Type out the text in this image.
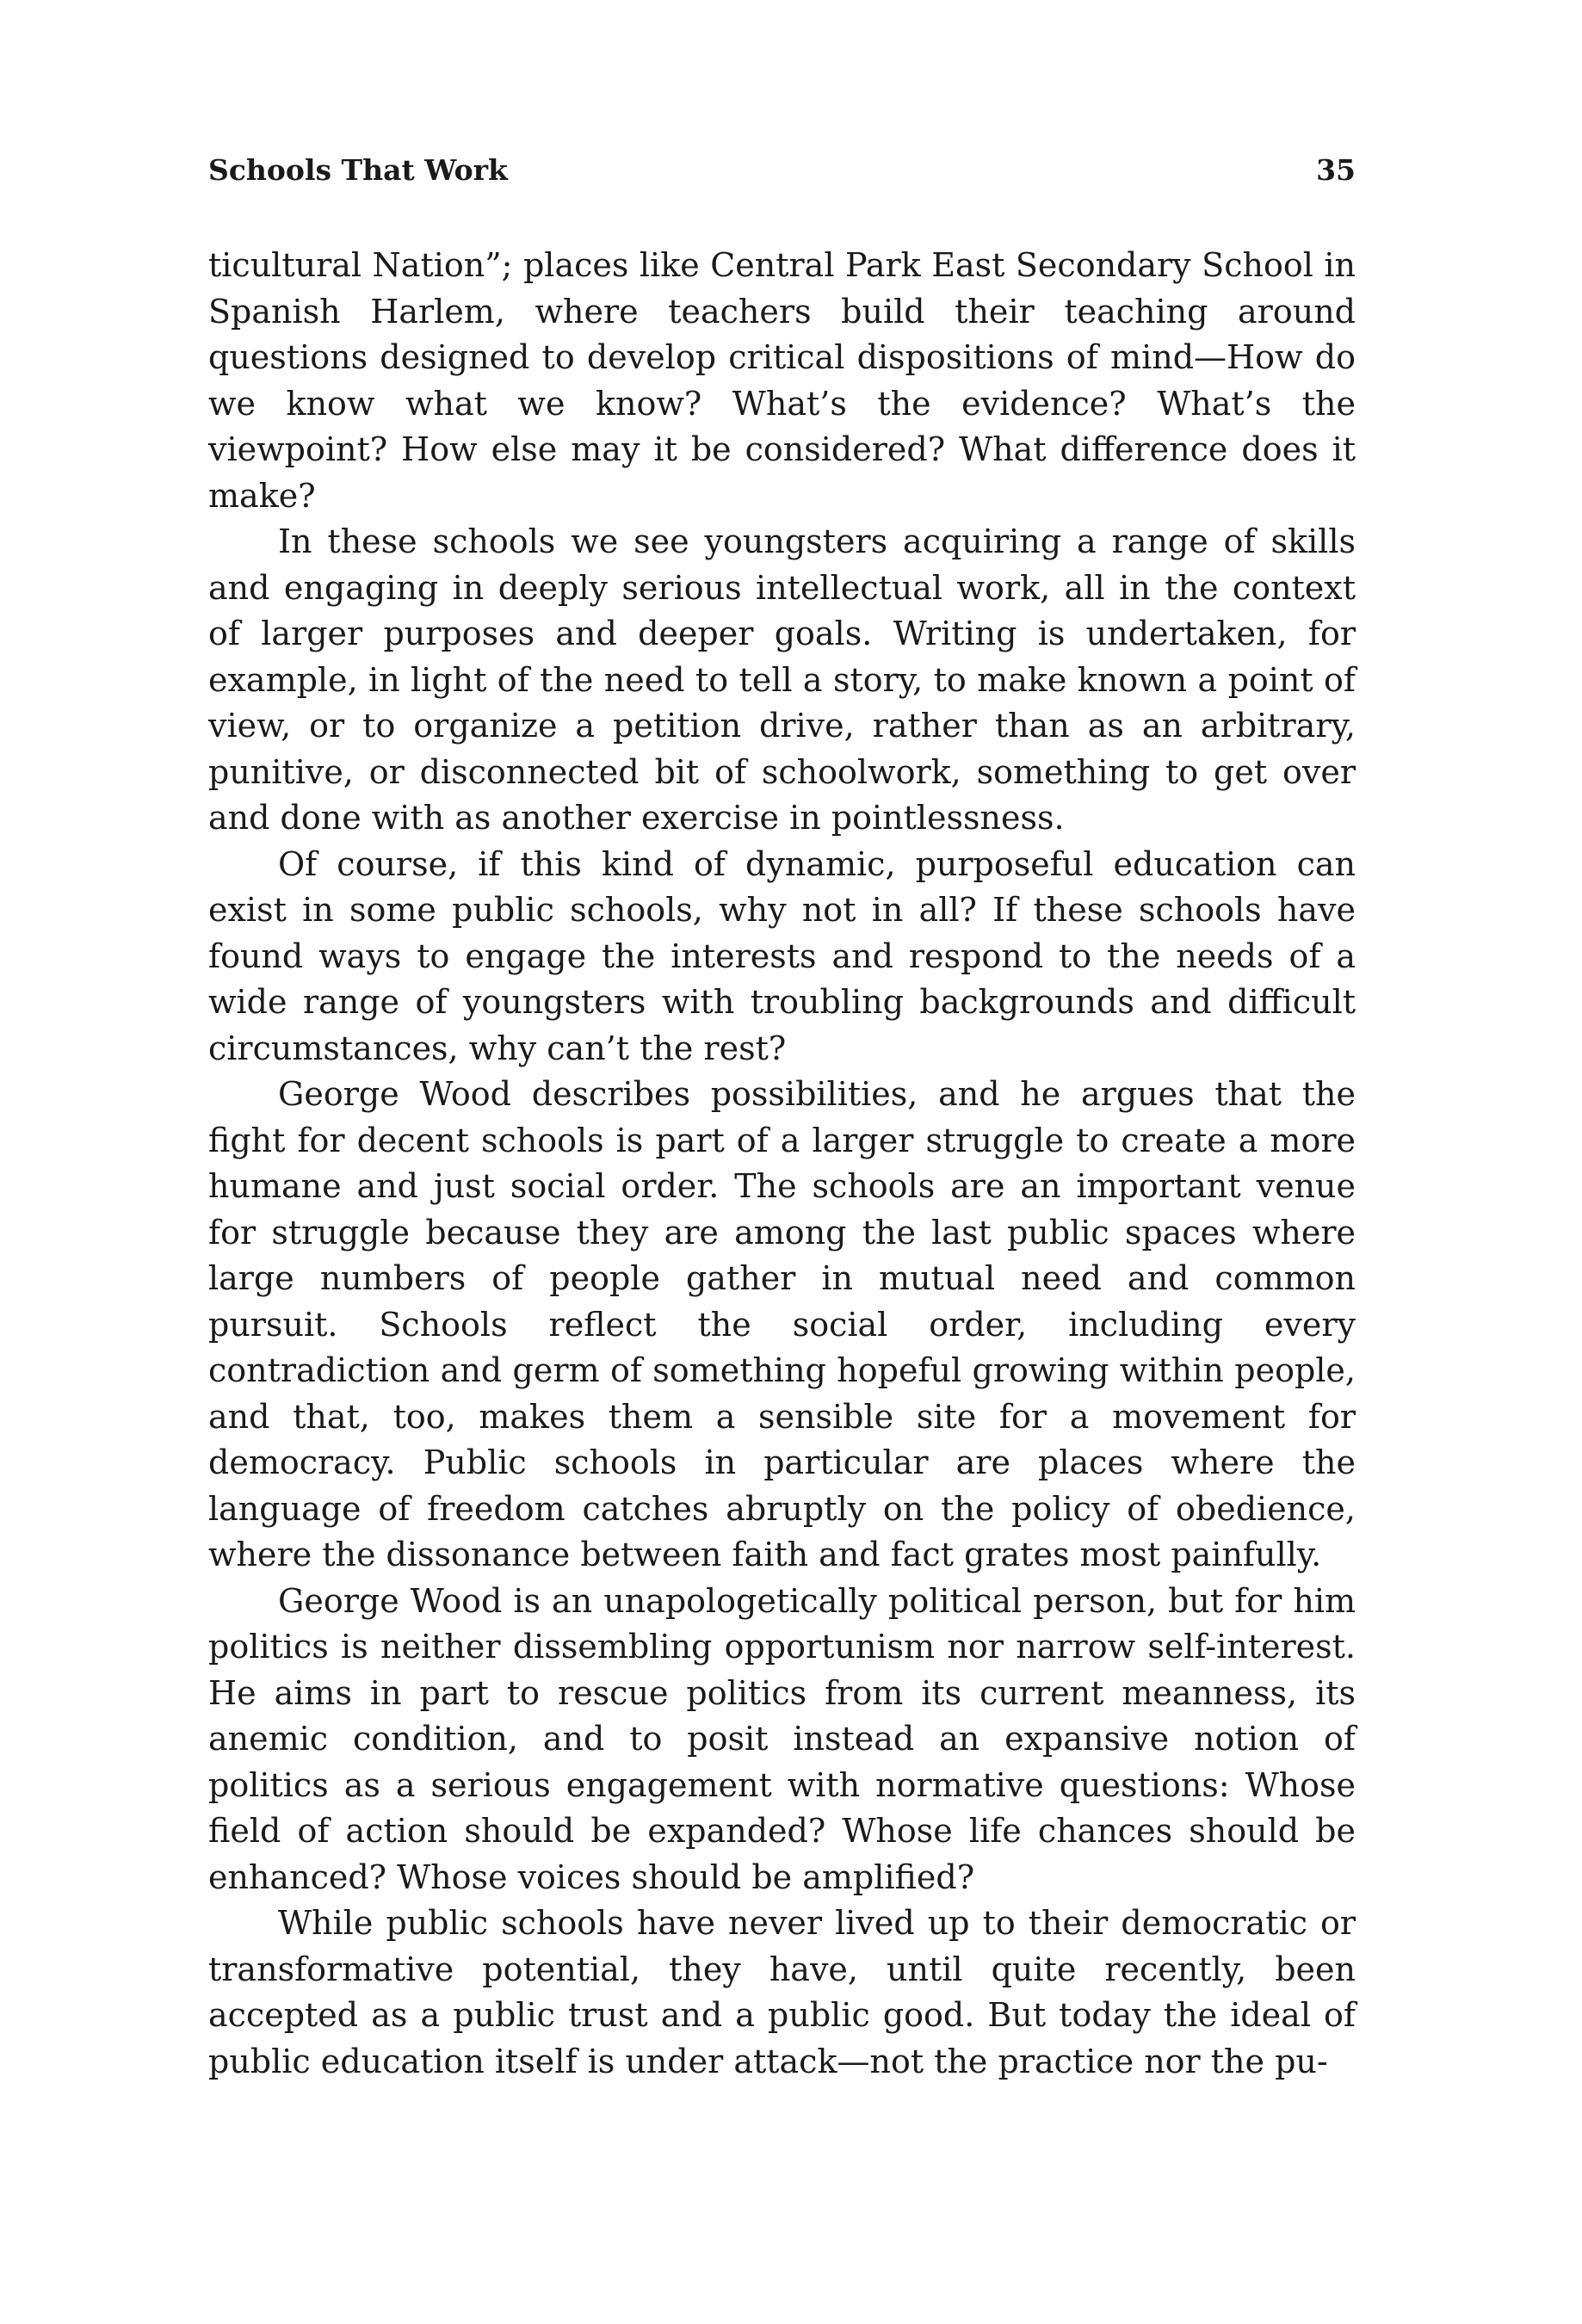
Schools That Work	35

ticultural Nation”; places like Central Park East Secondary School in Spanish Harlem, where teachers build their teaching around questions designed to develop critical dispositions of mind—How do we know what we know? What’s the evidence? What’s the viewpoint? How else may it be considered? What difference does it make?

In these schools we see youngsters acquiring a range of skills and engaging in deeply serious intellectual work, all in the context of larger purposes and deeper goals. Writing is undertaken, for example, in light of the need to tell a story, to make known a point of view, or to organize a petition drive, rather than as an arbitrary, punitive, or disconnected bit of schoolwork, something to get over and done with as another exercise in pointlessness.

Of course, if this kind of dynamic, purposeful education can exist in some public schools, why not in all? If these schools have found ways to engage the interests and respond to the needs of a wide range of youngsters with troubling backgrounds and difficult circumstances, why can’t the rest?

George Wood describes possibilities, and he argues that the fight for decent schools is part of a larger struggle to create a more humane and just social order. The schools are an important venue for struggle because they are among the last public spaces where large numbers of people gather in mutual need and common pursuit. Schools reflect the social order, including every contradiction and germ of something hopeful growing within people, and that, too, makes them a sensible site for a movement for democracy. Public schools in particular are places where the language of freedom catches abruptly on the policy of obedience, where the dissonance between faith and fact grates most painfully.

George Wood is an unapologetically political person, but for him politics is neither dissembling opportunism nor narrow self-interest. He aims in part to rescue politics from its current meanness, its anemic condition, and to posit instead an expansive notion of politics as a serious engagement with normative questions: Whose field of action should be expanded? Whose life chances should be enhanced? Whose voices should be amplified?

While public schools have never lived up to their democratic or transformative potential, they have, until quite recently, been accepted as a public trust and a public good. But today the ideal of public education itself is under attack—not the practice nor the pu-
